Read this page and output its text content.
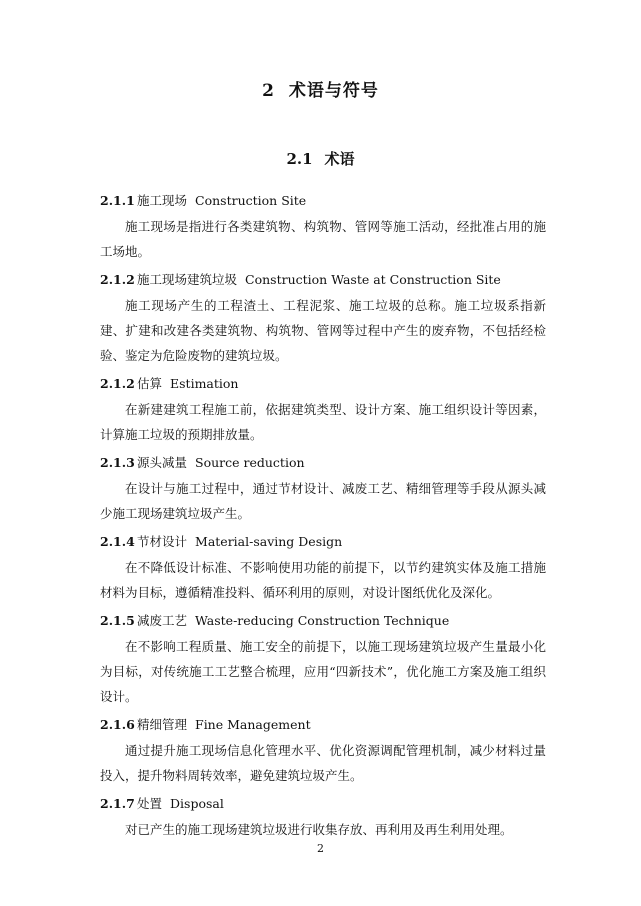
2 术语与符号
2.1 术语
2.1.1 施工现场 Construction Site
施工现场是指进行各类建筑物、构筑物、管网等施工活动，经批准占用的施工场地。
2.1.2 施工现场建筑垃圾 Construction Waste at Construction Site
施工现场产生的工程渣土、工程泥浆、施工垃圾的总称。施工垃圾系指新建、扩建和改建各类建筑物、构筑物、管网等过程中产生的废弃物，不包括经检验、鉴定为危险废物的建筑垃圾。
2.1.2 估算 Estimation
在新建建筑工程施工前，依据建筑类型、设计方案、施工组织设计等因素，计算施工垃圾的预期排放量。
2.1.3 源头减量 Source reduction
在设计与施工过程中，通过节材设计、减废工艺、精细管理等手段从源头减少施工现场建筑垃圾产生。
2.1.4 节材设计 Material-saving Design
在不降低设计标准、不影响使用功能的前提下，以节约建筑实体及施工措施材料为目标，遵循精准投料、循环利用的原则，对设计图纸优化及深化。
2.1.5 减废工艺 Waste-reducing Construction Technique
在不影响工程质量、施工安全的前提下，以施工现场建筑垃圾产生量最小化为目标，对传统施工工艺整合梳理，应用“四新技术”，优化施工方案及施工组织设计。
2.1.6 精细管理 Fine Management
通过提升施工现场信息化管理水平、优化资源调配管理机制，减少材料过量投入，提升物料周转效率，避免建筑垃圾产生。
2.1.7 处置 Disposal
对已产生的施工现场建筑垃圾进行收集存放、再利用及再生利用处理。
2
